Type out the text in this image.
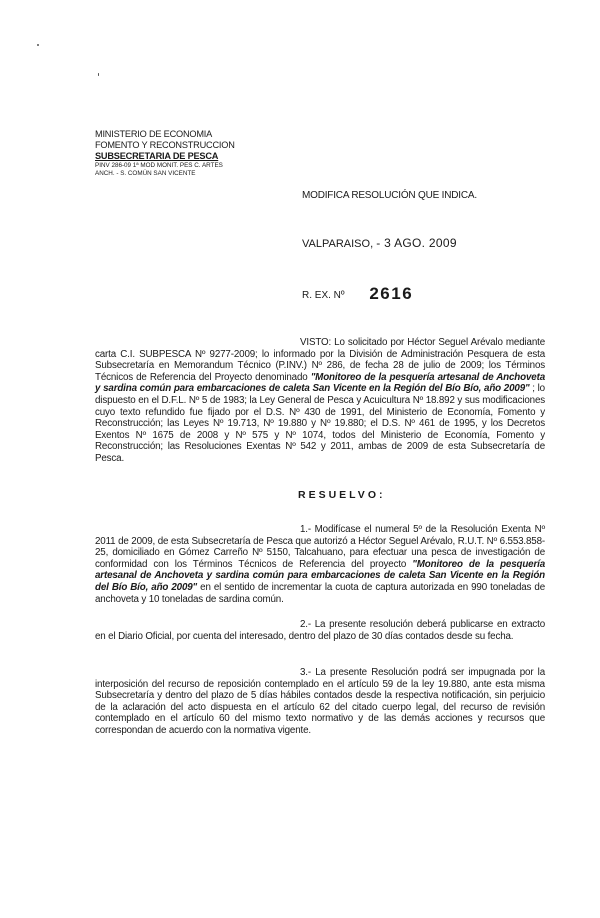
MINISTERIO DE ECONOMIA
FOMENTO Y RECONSTRUCCION
SUBSECRETARIA DE PESCA
PINV 286-09 1ª MOD MONIT. PES C. ARTES
ANCH. - S. COMÚN SAN VICENTE
MODIFICA RESOLUCIÓN QUE INDICA.
VALPARAISO, - 3 AGO. 2009
R. EX. Nº 2616
VISTO: Lo solicitado por Héctor Seguel Arévalo mediante carta C.I. SUBPESCA Nº 9277-2009; lo informado por la División de Administración Pesquera de esta Subsecretaría en Memorandum Técnico (P.INV.) Nº 286, de fecha 28 de julio de 2009; los Términos Técnicos de Referencia del Proyecto denominado "Monitoreo de la pesquería artesanal de Anchoveta y sardina común para embarcaciones de caleta San Vicente en la Región del Bío Bío, año 2009" ; lo dispuesto en el D.F.L. Nº 5 de 1983; la Ley General de Pesca y Acuicultura Nº 18.892 y sus modificaciones cuyo texto refundido fue fijado por el D.S. Nº 430 de 1991, del Ministerio de Economía, Fomento y Reconstrucción; las Leyes Nº 19.713, Nº 19.880 y Nº 19.880; el D.S. Nº 461 de 1995, y los Decretos Exentos Nº 1675 de 2008 y Nº 575 y Nº 1074, todos del Ministerio de Economía, Fomento y Reconstrucción; las Resoluciones Exentas Nº 542 y 2011, ambas de 2009 de esta Subsecretaría de Pesca.
RESUELVO:
1.- Modifícase el numeral 5º de la Resolución Exenta Nº 2011 de 2009, de esta Subsecretaría de Pesca que autorizó a Héctor Seguel Arévalo, R.U.T. Nº 6.553.858-25, domiciliado en Gómez Carreño Nº 5150, Talcahuano, para efectuar una pesca de investigación de conformidad con los Términos Técnicos de Referencia del proyecto "Monitoreo de la pesquería artesanal de Anchoveta y sardina común para embarcaciones de caleta San Vicente en la Región del Bío Bío, año 2009" en el sentido de incrementar la cuota de captura autorizada en 990 toneladas de anchoveta y 10 toneladas de sardina común.
2.- La presente resolución deberá publicarse en extracto en el Diario Oficial, por cuenta del interesado, dentro del plazo de 30 días contados desde su fecha.
3.- La presente Resolución podrá ser impugnada por la interposición del recurso de reposición contemplado en el artículo 59 de la ley 19.880, ante esta misma Subsecretaría y dentro del plazo de 5 días hábiles contados desde la respectiva notificación, sin perjuicio de la aclaración del acto dispuesta en el artículo 62 del citado cuerpo legal, del recurso de revisión contemplado en el artículo 60 del mismo texto normativo y de las demás acciones y recursos que correspondan de acuerdo con la normativa vigente.
